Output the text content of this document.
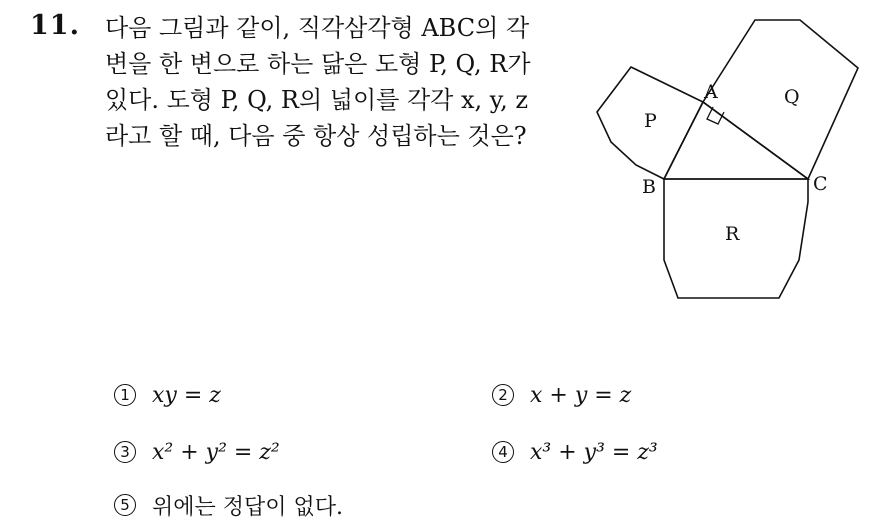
11. 다음 그림과 같이, 직각삼각형 ABC의 각
변을 한 변으로 하는 닮은 도형 P, Q, R가
있다. 도형 P, Q, R의 넓이를 각각 x, y, z
라고 할 때, 다음 중 항상 성립하는 것은?
A
B	C
P
Q
R
1 xy = z	2 x + y = z
3 x² + y² = z²	4 x³ + y³ = z³
5 위에는 정답이 없다.
